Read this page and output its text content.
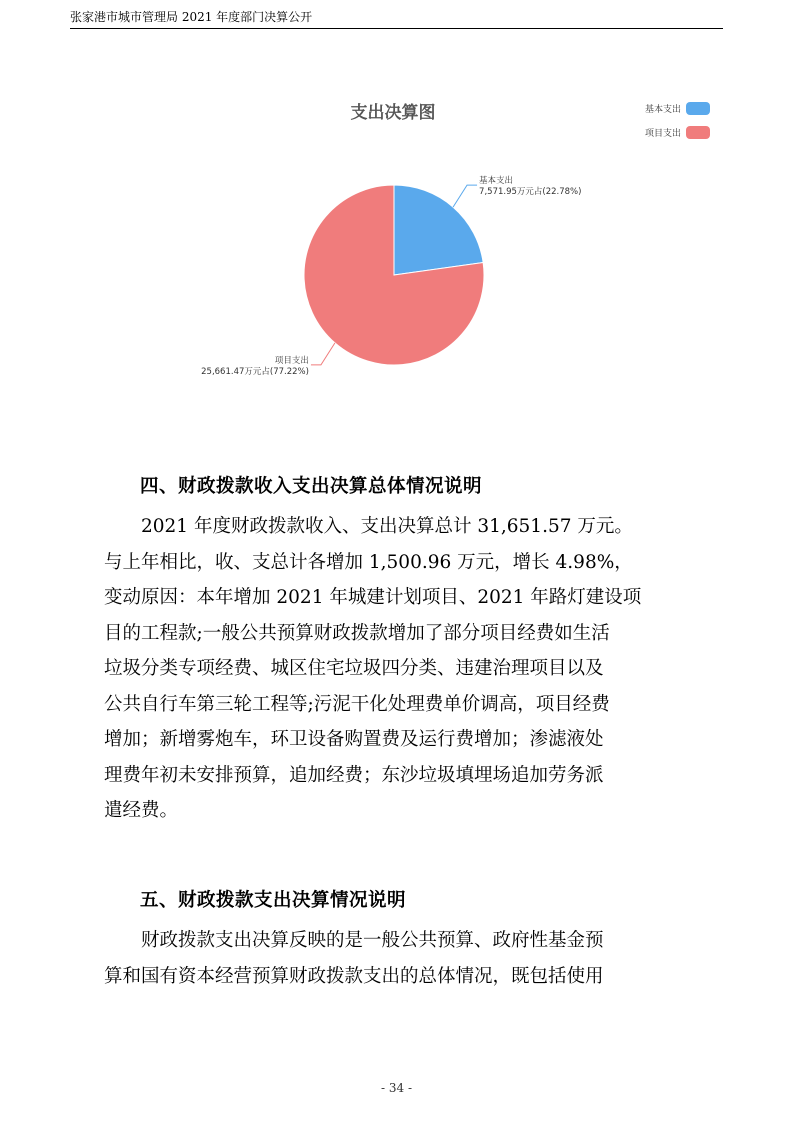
张家港市城市管理局 2021 年度部门决算公开
支出决算图	基本支出
项目支出
基本支出
7,571.95万元占(22.78%)
项目支出
25,661.47万元占(77.22%)
四、财政拨款收入支出决算总体情况说明
2021 年度财政拨款收入、支出决算总计 31,651.57 万元。
与上年相比，收、支总计各增加 1,500.96 万元，增长 4.98%，
变动原因：本年增加 2021 年城建计划项目、2021 年路灯建设项
目的工程款;一般公共预算财政拨款增加了部分项目经费如生活
垃圾分类专项经费、城区住宅垃圾四分类、违建治理项目以及
公共自行车第三轮工程等;污泥干化处理费单价调高，项目经费
增加；新增雾炮车，环卫设备购置费及运行费增加；渗滤液处
理费年初未安排预算，追加经费；东沙垃圾填埋场追加劳务派
遣经费。
五、财政拨款支出决算情况说明
财政拨款支出决算反映的是一般公共预算、政府性基金预
算和国有资本经营预算财政拨款支出的总体情况，既包括使用
- 34 -
